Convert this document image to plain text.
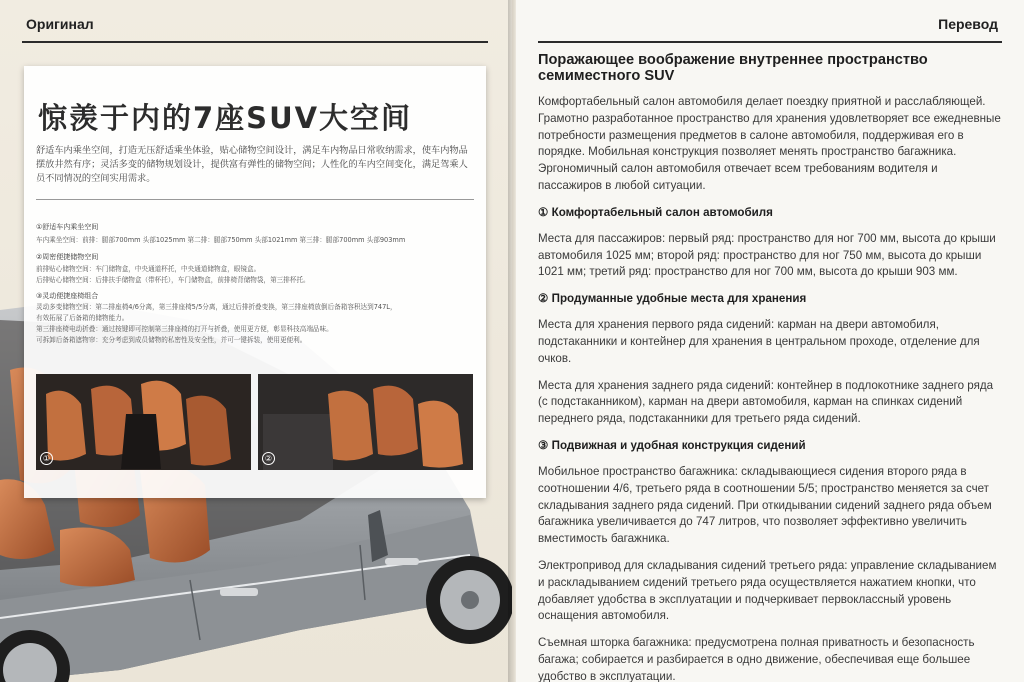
Оригинал
惊羡于内的7座SUV大空间
舒适车内乘坐空间，打造无压舒适乘坐体验，贴心储物空间设计，满足车内物品日常收纳需求，使车内物品摆放井然有序；灵活多变的储物规划设计，提供富有弹性的储物空间；人性化的车内空间变化，满足驾乘人员不同情况的空间实用需求。
①舒适车内乘坐空间
车内乘坐空间：前排：腿部700mm 头部1025mm 第二排：腿部750mm 头部1021mm 第三排：腿部700mm 头部903mm
②周密便捷储物空间
前排贴心储物空间：车门储物盒，中央通道杯托，中央通道储物盒，眼镜盒。
后排贴心储物空间：后排扶手储物盒（带杯托），车门储物盒，前排椅背储物袋，第三排杯托。
③灵动便捷座椅组合
灵动多变储物空间：第二排座椅4/6分离，第三排座椅5/5分离，通过后排折叠变换，第三排座椅放倒后备箱容积达到747L，
有效拓展了后备箱的储物能力。
第三排座椅电动折叠：通过按键即可控制第三排座椅的打开与折叠，使用更方便，彰显科技高端品味。
可拆卸后备箱遮物帘：充分考虑到成员储物的私密性及安全性，并可一键拆装，使用更便利。
①	②
Перевод
Поражающее воображение внутреннее пространство семиместного SUV

Комфортабельный салон автомобиля делает поездку приятной и расслабляющей. Грамотно разработанное пространство для хранения удовлетворяет все ежедневные потребности размещения предметов в салоне автомобиля, поддерживая его в порядке. Мобильная конструкция позволяет менять пространство багажника. Эргономичный салон автомобиля отвечает всем требованиям водителя и пассажиров в любой ситуации.

① Комфортабельный салон автомобиля

Места для пассажиров: первый ряд: пространство для ног 700 мм, высота до крыши автомобиля 1025 мм; второй ряд: пространство для ног 750 мм, высота до крыши 1021 мм; третий ряд: пространство для ног 700 мм, высота до крыши 903 мм.

② Продуманные удобные места для хранения

Места для хранения первого ряда сидений: карман на двери автомобиля, подстаканники и контейнер для хранения в центральном проходе, отделение для очков.

Места для хранения заднего ряда сидений: контейнер в подлокотнике заднего ряда (с подстаканником), карман на двери автомобиля, карман на спинках сидений переднего ряда, подстаканники для третьего ряда сидений.

③ Подвижная и удобная конструкция сидений

Мобильное пространство багажника: складывающиеся сидения второго ряда в соотношении 4/6, третьего ряда в соотношении 5/5; пространство меняется за счет складывания заднего ряда сидений. При откидывании сидений заднего ряда объем багажника увеличивается до 747 литров, что позволяет эффективно увеличить вместимость багажника.

Электропривод для складывания сидений третьего ряда: управление складыванием и раскладыванием сидений третьего ряда осуществляется нажатием кнопки, что добавляет удобства в эксплуатации и подчеркивает первоклассный уровень оснащения автомобиля.

Съемная шторка багажника: предусмотрена полная приватность и безопасность багажа; собирается и разбирается в одно движение, обеспечивая еще большее удобство в эксплуатации.
